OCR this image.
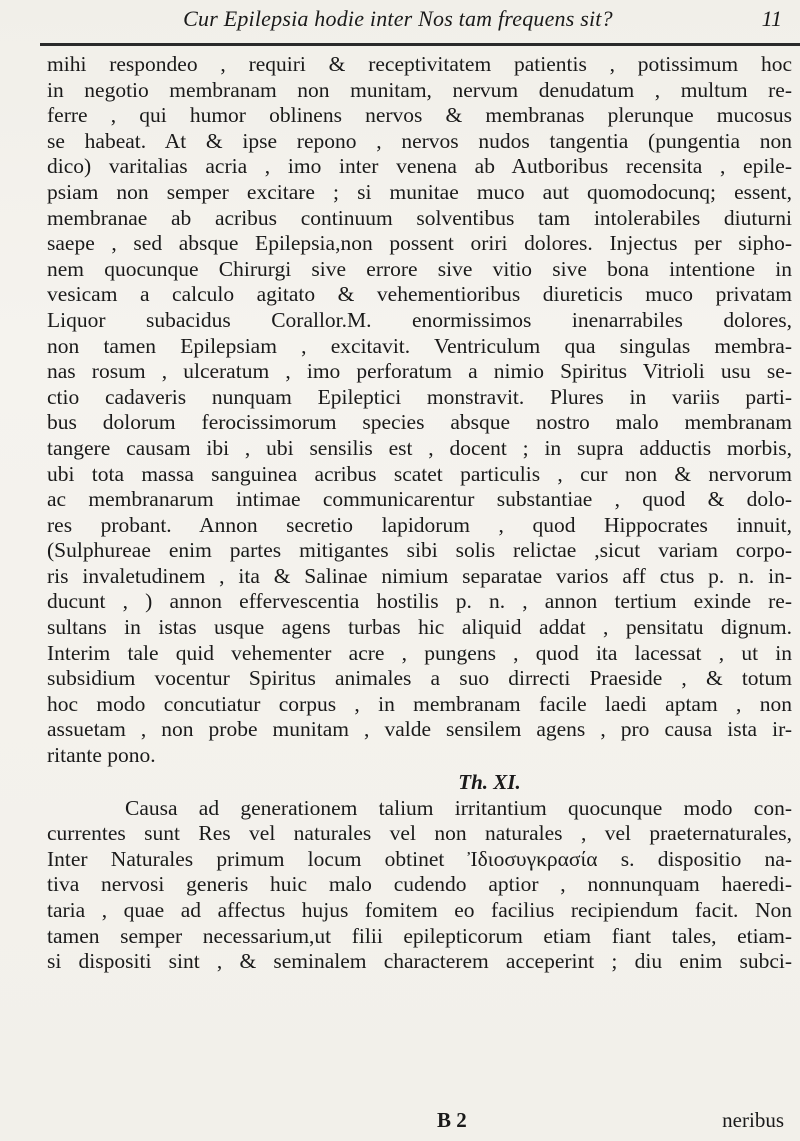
Cur Epilepsia hodie inter Nos tam frequens sit?	11
mihi respondeo , requiri & receptivitatem patientis , potissimum hoc
in negotio membranam non munitam, nervum denudatum , multum re-
ferre , qui humor oblinens nervos & membranas plerunque mucosus
se habeat. At & ipse repono , nervos nudos tangentia (pungentia non
dico) varitalias acria , imo inter venena ab Autboribus recensita , epile-
psiam non semper excitare ; si munitae muco aut quomodocunq; essent,
membranae ab acribus continuum solventibus tam intolerabiles diuturni
saepe , sed absque Epilepsia,non possent oriri dolores. Injectus per sipho-
nem quocunque Chirurgi sive errore sive vitio sive bona intentione in
vesicam a calculo agitato & vehementioribus diureticis muco privatam
Liquor subacidus Corallor.M. enormissimos inenarrabiles dolores,
non tamen Epilepsiam , excitavit. Ventriculum qua singulas membra-
nas rosum , ulceratum , imo perforatum a nimio Spiritus Vitrioli usu se-
ctio cadaveris nunquam Epileptici monstravit. Plures in variis parti-
bus dolorum ferocissimorum species absque nostro malo membranam
tangere causam ibi , ubi sensilis est , docent ; in supra adductis morbis,
ubi tota massa sanguinea acribus scatet particulis , cur non & nervorum
ac membranarum intimae communicarentur substantiae , quod & dolo-
res probant. Annon secretio lapidorum , quod Hippocrates innuit,
(Sulphureae enim partes mitigantes sibi solis relictae ,sicut variam corpo-
ris invaletudinem , ita & Salinae nimium separatae varios aff ctus p. n. in-
ducunt , ) annon effervescentia hostilis p. n. , annon tertium exinde re-
sultans in istas usque agens turbas hic aliquid addat , pensitatu dignum.
Interim tale quid vehementer acre , pungens , quod ita lacessat , ut in
subsidium vocentur Spiritus animales a suo dirrecti Praeside , & totum
hoc modo concutiatur corpus , in membranam facile laedi aptam , non
assuetam , non probe munitam , valde sensilem agens , pro causa ista ir-
ritante pono.
Th. XI.
Causa ad generationem talium irritantium quocunque modo con-
currentes sunt Res vel naturales vel non naturales , vel praeternaturales,
Inter Naturales primum locum obtinet Ἰδιοσυγκρασία s. dispositio na-
tiva nervosi generis huic malo cudendo aptior , nonnunquam haeredi-
taria , quae ad affectus hujus fomitem eo facilius recipiendum facit. Non
tamen semper necessarium,ut filii epilepticorum etiam fiant tales, etiam-
si dispositi sint , & seminalem characterem acceperint ; diu enim subci-
B 2	neribus
